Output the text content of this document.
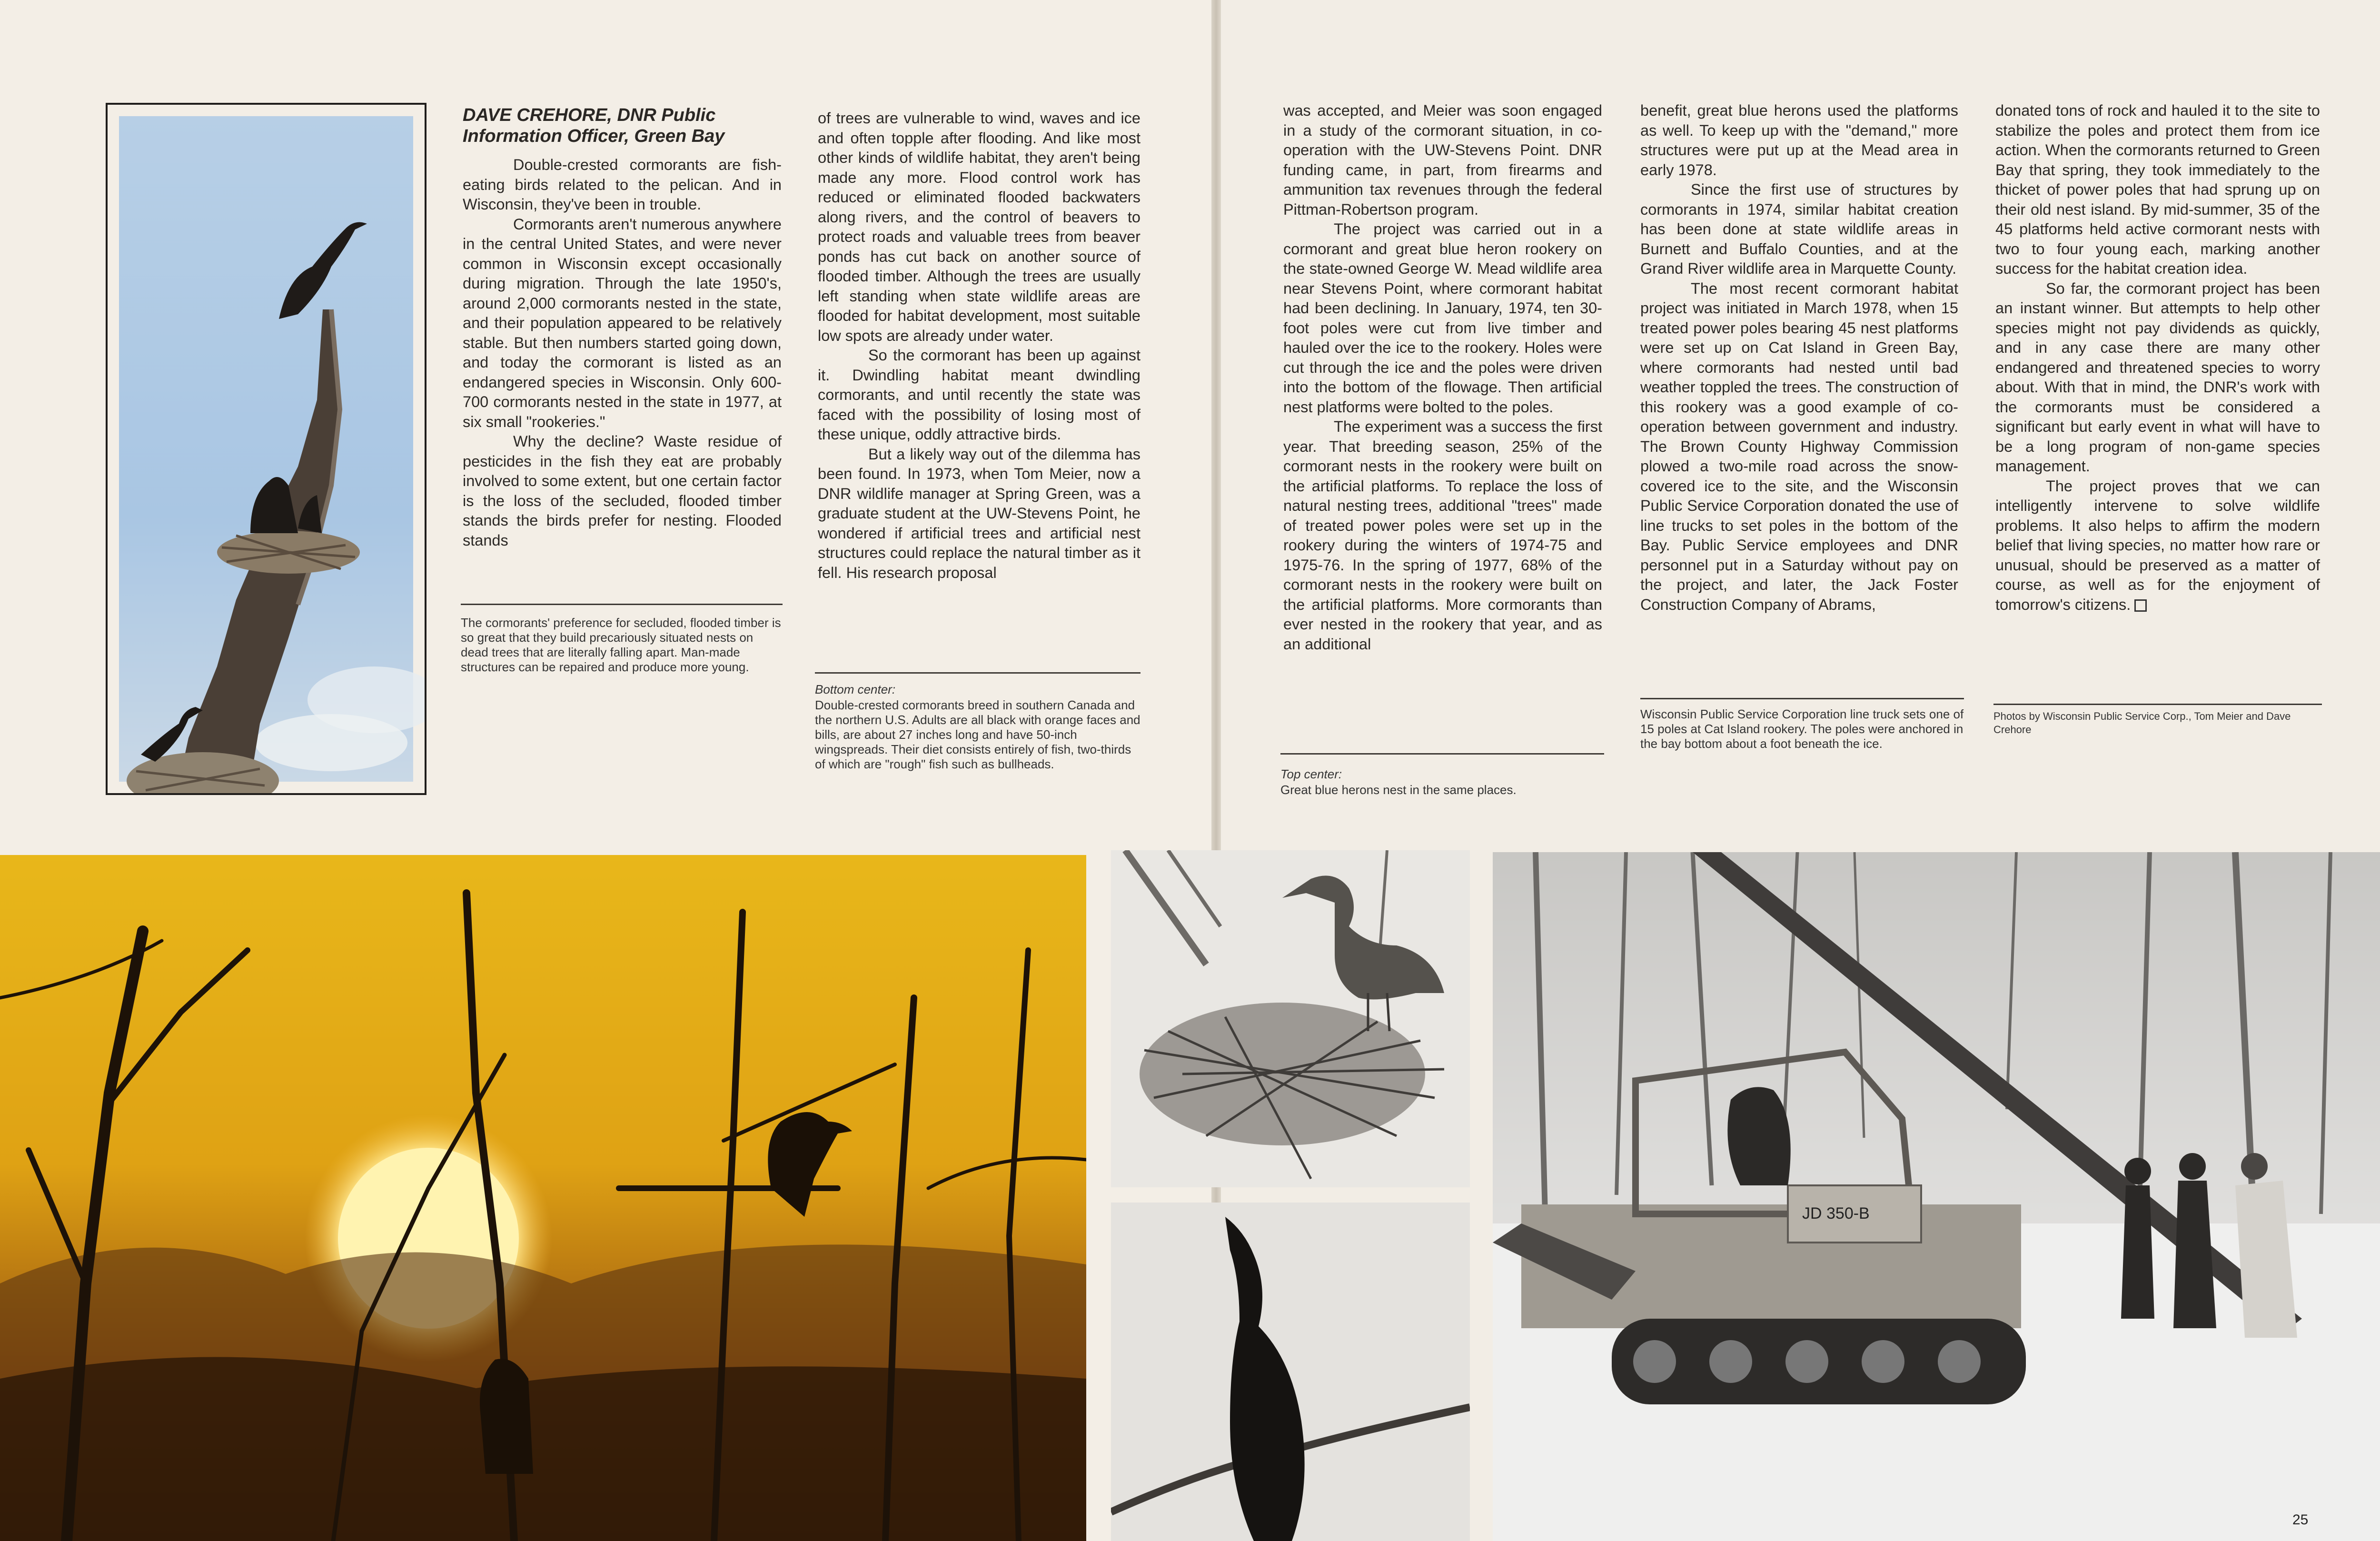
DAVE CREHORE, DNR Public
Information Officer, Green Bay

Double-crested cormorants are fish-eating birds related to the pelican. And in Wisconsin, they've been in trouble.

Cormorants aren't numerous anywhere in the central United States, and were never common in Wisconsin except occasionally during migration. Through the late 1950's, around 2,000 cormorants nested in the state, and their population appeared to be relatively stable. But then numbers started going down, and today the cormorant is listed as an endangered species in Wisconsin. Only 600-700 cormorants nested in the state in 1977, at six small "rookeries."

Why the decline? Waste residue of pesticides in the fish they eat are probably involved to some extent, but one certain factor is the loss of the secluded, flooded timber stands the birds prefer for nesting. Flooded stands

The cormorants' preference for secluded, flooded timber is so great that they build precariously situated nests on dead trees that are literally falling apart. Man-made structures can be repaired and produce more young.

of trees are vulnerable to wind, waves and ice and often topple after flooding. And like most other kinds of wildlife habitat, they aren't being made any more. Flood control work has reduced or eliminated flooded backwaters along rivers, and the control of beavers to protect roads and valuable trees from beaver ponds has cut back on another source of flooded timber. Although the trees are usually left standing when state wildlife areas are flooded for habitat development, most suitable low spots are already under water.

So the cormorant has been up against it. Dwindling habitat meant dwindling cormorants, and until recently the state was faced with the possibility of losing most of these unique, oddly attractive birds.

But a likely way out of the dilemma has been found. In 1973, when Tom Meier, now a DNR wildlife manager at Spring Green, was a graduate student at the UW-Stevens Point, he wondered if artificial trees and artificial nest structures could replace the natural timber as it fell. His research proposal

Bottom center:
Double-crested cormorants breed in southern Canada and the northern U.S. Adults are all black with orange faces and bills, are about 27 inches long and have 50-inch wingspreads. Their diet consists entirely of fish, two-thirds of which are "rough" fish such as bullheads.

was accepted, and Meier was soon engaged in a study of the cormorant situation, in co-operation with the UW-Stevens Point. DNR funding came, in part, from firearms and ammunition tax revenues through the federal Pittman-Robertson program.

The project was carried out in a cormorant and great blue heron rookery on the state-owned George W. Mead wildlife area near Stevens Point, where cormorant habitat had been declining. In January, 1974, ten 30-foot poles were cut from live timber and hauled over the ice to the rookery. Holes were cut through the ice and the poles were driven into the bottom of the flowage. Then artificial nest platforms were bolted to the poles.

The experiment was a success the first year. That breeding season, 25% of the cormorant nests in the rookery were built on the artificial platforms. To replace the loss of natural nesting trees, additional "trees" made of treated power poles were set up in the rookery during the winters of 1974-75 and 1975-76. In the spring of 1977, 68% of the cormorant nests in the rookery were built on the artificial platforms. More cormorants than ever nested in the rookery that year, and as an additional

Top center:
Great blue herons nest in the same places.

benefit, great blue herons used the platforms as well. To keep up with the "demand," more structures were put up at the Mead area in early 1978.

Since the first use of structures by cormorants in 1974, similar habitat creation has been done at state wildlife areas in Burnett and Buffalo Counties, and at the Grand River wildlife area in Marquette County.

The most recent cormorant habitat project was initiated in March 1978, when 15 treated power poles bearing 45 nest platforms were set up on Cat Island in Green Bay, where cormorants had nested until bad weather toppled the trees. The construction of this rookery was a good example of co-operation between government and industry. The Brown County Highway Commission plowed a two-mile road across the snow-covered ice to the site, and the Wisconsin Public Service Corporation donated the use of line trucks to set poles in the bottom of the Bay. Public Service employees and DNR personnel put in a Saturday without pay on the project, and later, the Jack Foster Construction Company of Abrams,

Wisconsin Public Service Corporation line truck sets one of 15 poles at Cat Island rookery. The poles were anchored in the bay bottom about a foot beneath the ice.

donated tons of rock and hauled it to the site to stabilize the poles and protect them from ice action. When the cormorants returned to Green Bay that spring, they took immediately to the thicket of power poles that had sprung up on their old nest island. By mid-summer, 35 of the 45 platforms held active cormorant nests with two to four young each, marking another success for the habitat creation idea.

So far, the cormorant project has been an instant winner. But attempts to help other species might not pay dividends as quickly, and in any case there are many other endangered and threatened species to worry about. With that in mind, the DNR's work with the cormorants must be considered a significant but early event in what will have to be a long program of non-game species management.

The project proves that we can intelligently intervene to solve wildlife problems. It also helps to affirm the modern belief that living species, no matter how rare or unusual, should be preserved as a matter of course, as well as for the enjoyment of tomorrow's citizens.

Photos by Wisconsin Public Service Corp., Tom Meier and Dave Crehore
JD 350-B
25
